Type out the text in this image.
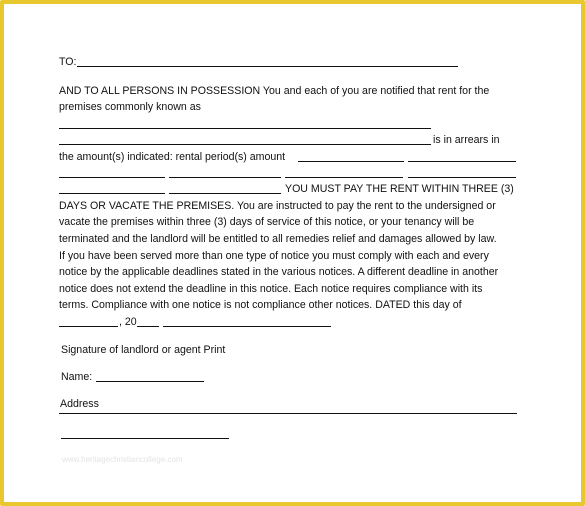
TO:
AND TO ALL PERSONS IN POSSESSION You and each of you are notified that rent for the
premises commonly known as
is in arrears in
the amount(s) indicated: rental period(s) amount
YOU MUST PAY THE RENT WITHIN THREE (3)
DAYS OR VACATE THE PREMISES. You are instructed to pay the rent to the undersigned or
vacate the premises within three (3) days of service of this notice, or your tenancy will be
terminated and the landlord will be entitled to all remedies relief and damages allowed by law.
If you have been served more than one type of notice you must comply with each and every
notice by the applicable deadlines stated in the various notices. A different deadline in another
notice does not extend the deadline in this notice. Each notice requires compliance with its
terms. Compliance with one notice is not compliance other notices. DATED this day of
, 20
Signature of landlord or agent Print
Name:
Address
www.heritagechristiancollege.com
